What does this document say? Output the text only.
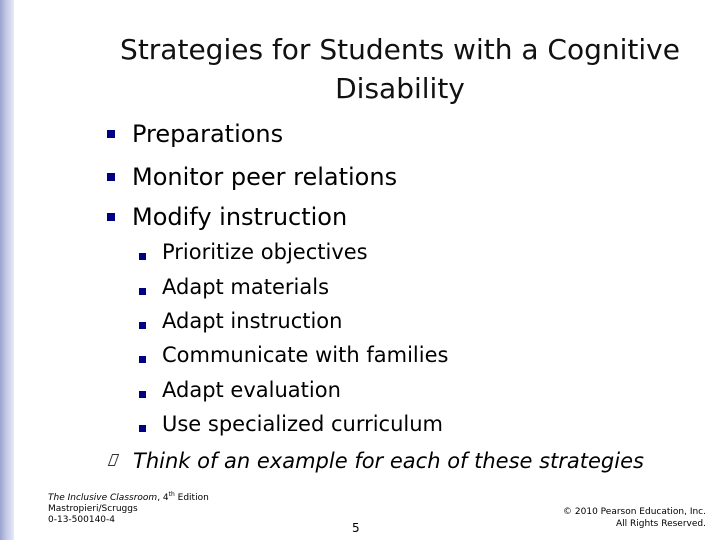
Strategies for Students with a Cognitive
Disability
Preparations
Monitor peer relations
Modify instruction
Prioritize objectives
Adapt materials
Adapt instruction
Communicate with families
Adapt evaluation
Use specialized curriculum
Think of an example for each of these strategies
The Inclusive Classroom, 4th Edition
Mastropieri/Scruggs
0-13-500140-4
5
© 2010 Pearson Education, Inc.
All Rights Reserved.
